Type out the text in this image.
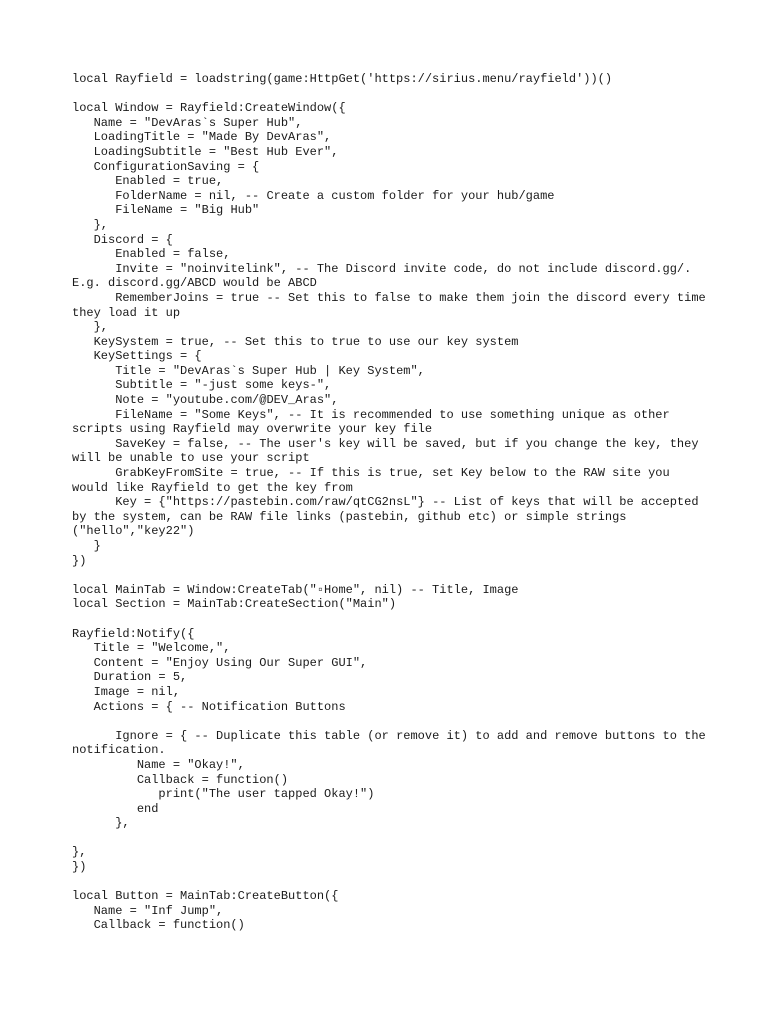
local Rayfield = loadstring(game:HttpGet('https://sirius.menu/rayfield'))()
local Window = Rayfield:CreateWindow({
Name = "DevAras`s Super Hub",
LoadingTitle = "Made By DevAras",
LoadingSubtitle = "Best Hub Ever",
ConfigurationSaving = {
Enabled = true,
FolderName = nil, -- Create a custom folder for your hub/game
FileName = "Big Hub"
},
Discord = {
Enabled = false,
Invite = "noinvitelink", -- The Discord invite code, do not include discord.gg/. E.g. discord.gg/ABCD would be ABCD
RememberJoins = true -- Set this to false to make them join the discord every time they load it up
},
KeySystem = true, -- Set this to true to use our key system
KeySettings = {
Title = "DevAras`s Super Hub | Key System",
Subtitle = "-just some keys-",
Note = "youtube.com/@DEV_Aras",
FileName = "Some Keys", -- It is recommended to use something unique as other scripts using Rayfield may overwrite your key file
SaveKey = false, -- The user's key will be saved, but if you change the key, they will be unable to use your script
GrabKeyFromSite = true, -- If this is true, set Key below to the RAW site you would like Rayfield to get the key from
Key = {"https://pastebin.com/raw/qtCG2nsL"} -- List of keys that will be accepted by the system, can be RAW file links (pastebin, github etc) or simple strings ("hello","key22")
}
})
local MainTab = Window:CreateTab("▫Home", nil) -- Title, Image
local Section = MainTab:CreateSection("Main")
Rayfield:Notify({
Title = "Welcome,",
Content = "Enjoy Using Our Super GUI",
Duration = 5,
Image = nil,
Actions = { -- Notification Buttons
Ignore = { -- Duplicate this table (or remove it) to add and remove buttons to the notification.
Name = "Okay!",
Callback = function()
print("The user tapped Okay!")
end
},
},
})
local Button = MainTab:CreateButton({
Name = "Inf Jump",
Callback = function()
